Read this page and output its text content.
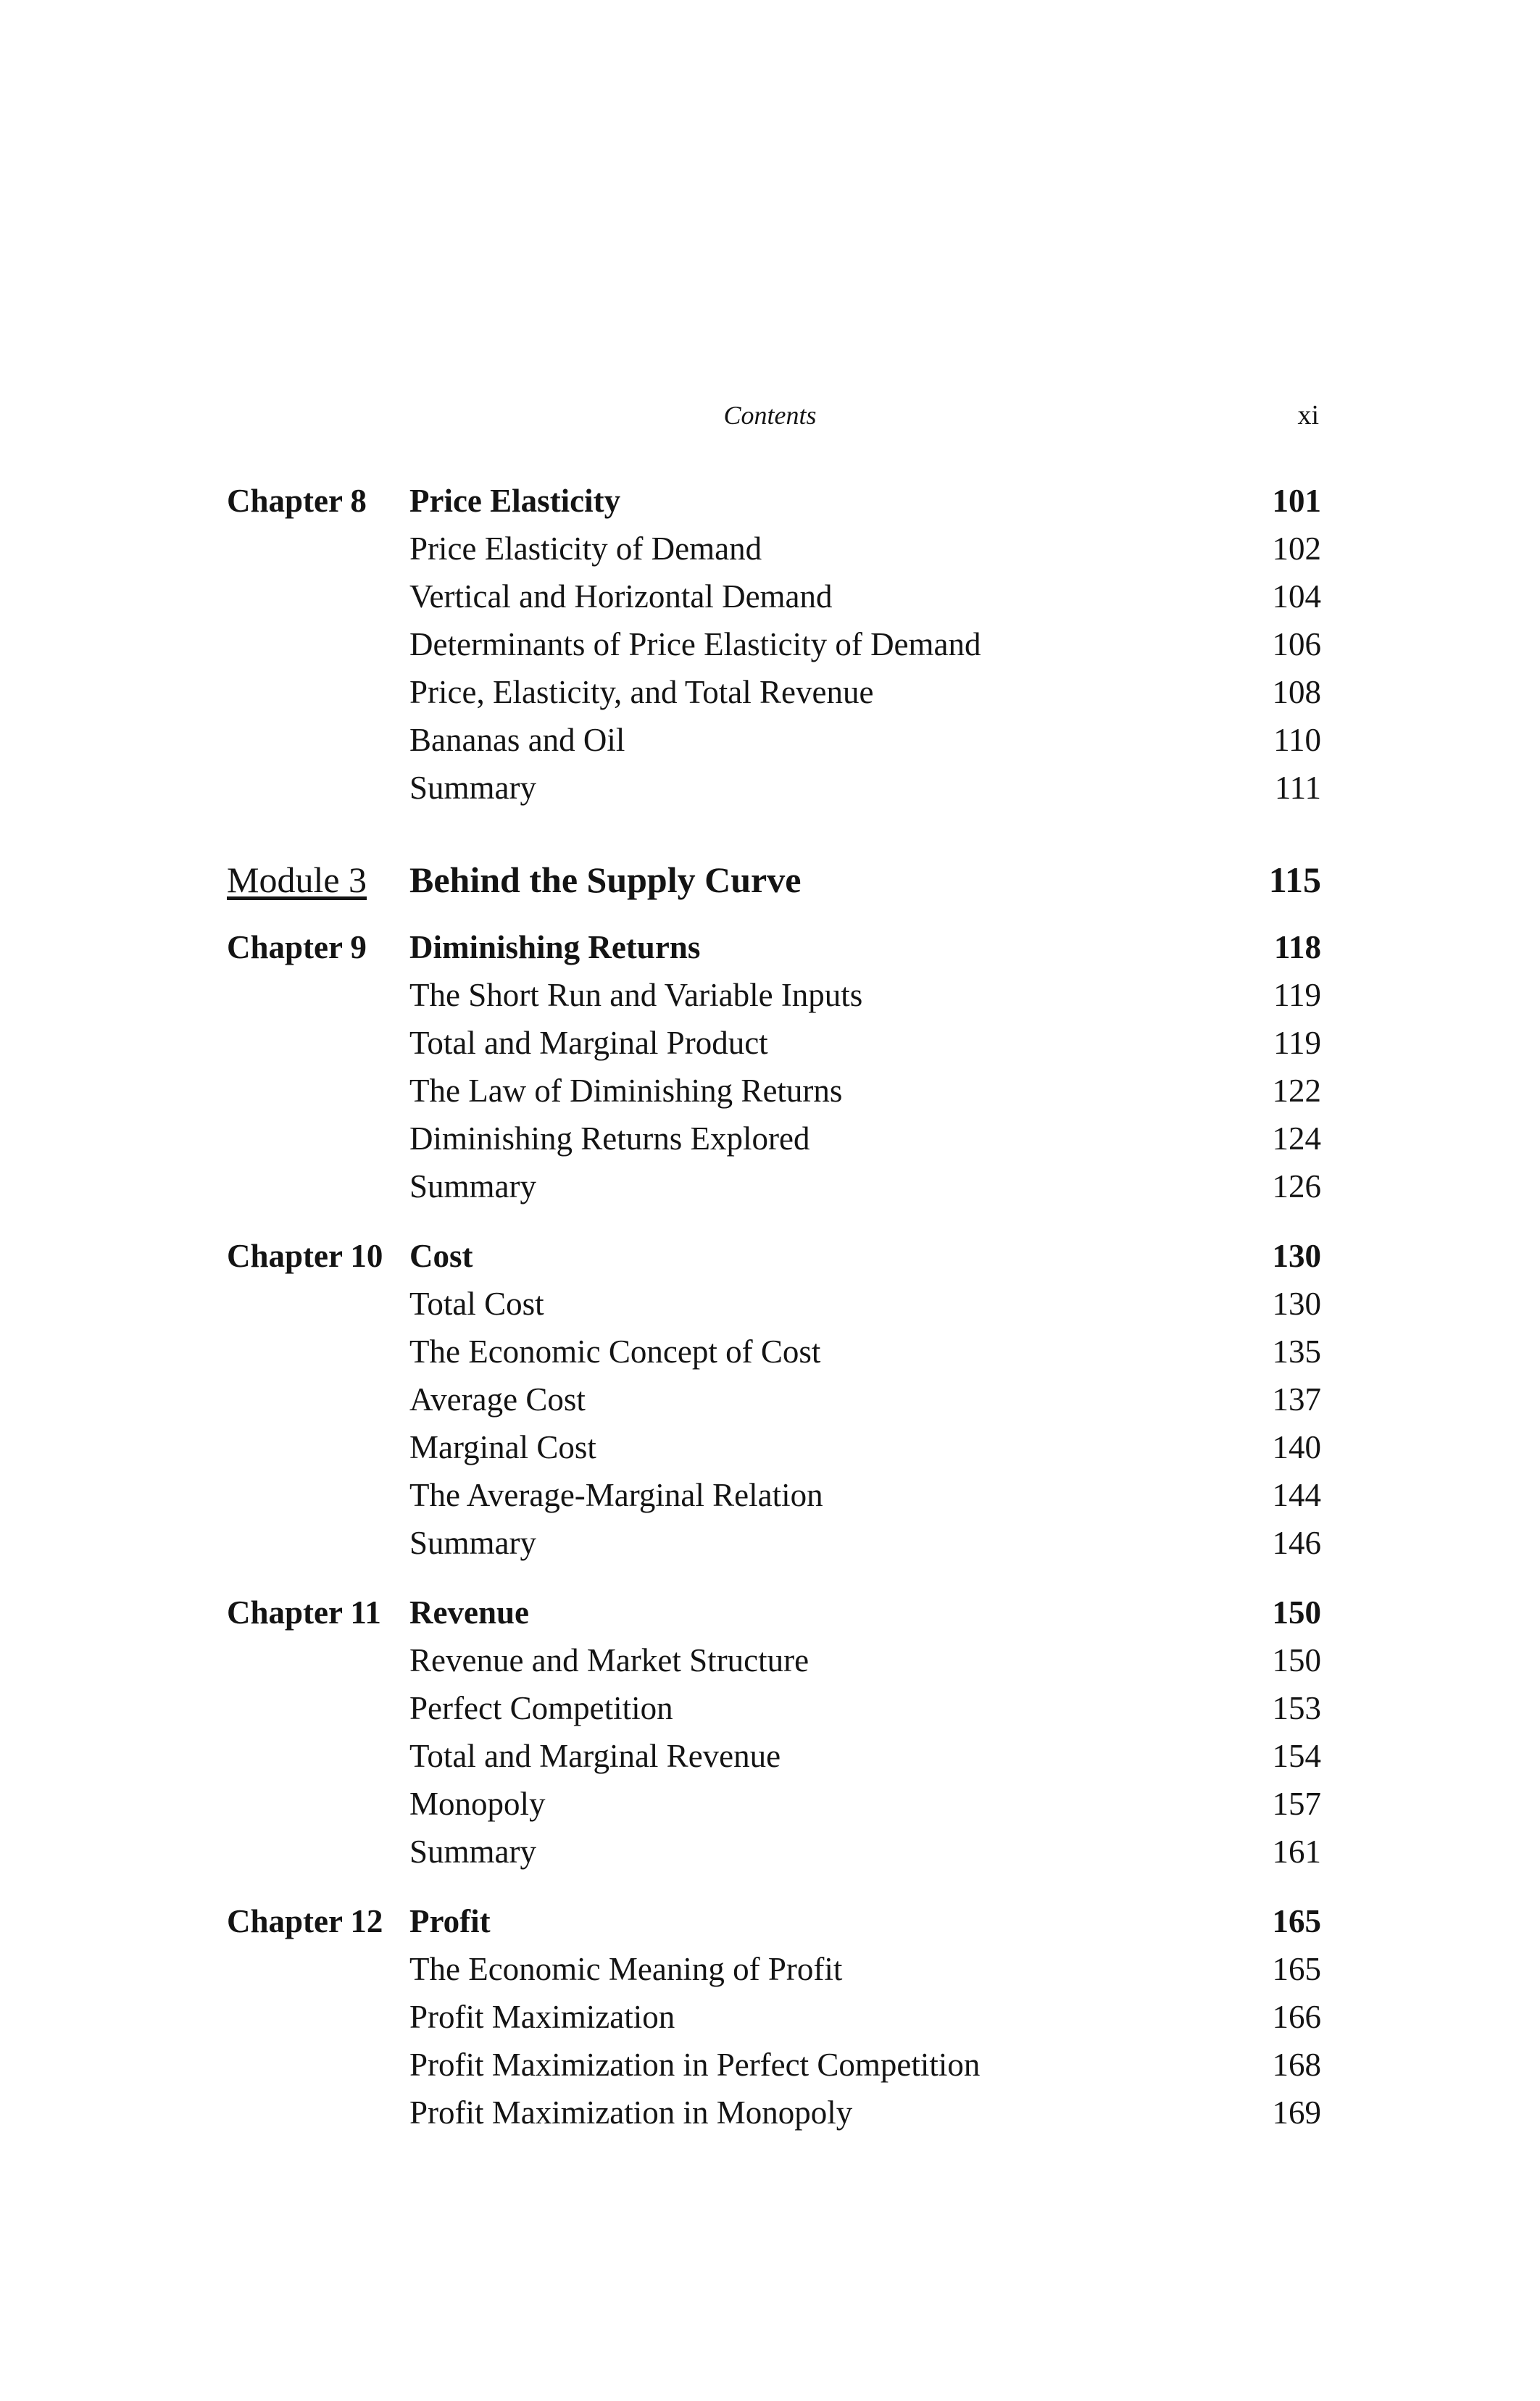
Contents	xi
Chapter 8 Price Elasticity	101
Price Elasticity of Demand	102
Vertical and Horizontal Demand	104
Determinants of Price Elasticity of Demand	106
Price, Elasticity, and Total Revenue	108
Bananas and Oil	110
Summary	111
Module 3 Behind the Supply Curve	115
Chapter 9 Diminishing Returns	118
The Short Run and Variable Inputs	119
Total and Marginal Product	119
The Law of Diminishing Returns	122
Diminishing Returns Explored	124
Summary	126
Chapter 10 Cost	130
Total Cost	130
The Economic Concept of Cost	135
Average Cost	137
Marginal Cost	140
The Average-Marginal Relation	144
Summary	146
Chapter 11 Revenue	150
Revenue and Market Structure	150
Perfect Competition	153
Total and Marginal Revenue	154
Monopoly	157
Summary	161
Chapter 12 Profit	165
The Economic Meaning of Profit	165
Profit Maximization	166
Profit Maximization in Perfect Competition	168
Profit Maximization in Monopoly	169
